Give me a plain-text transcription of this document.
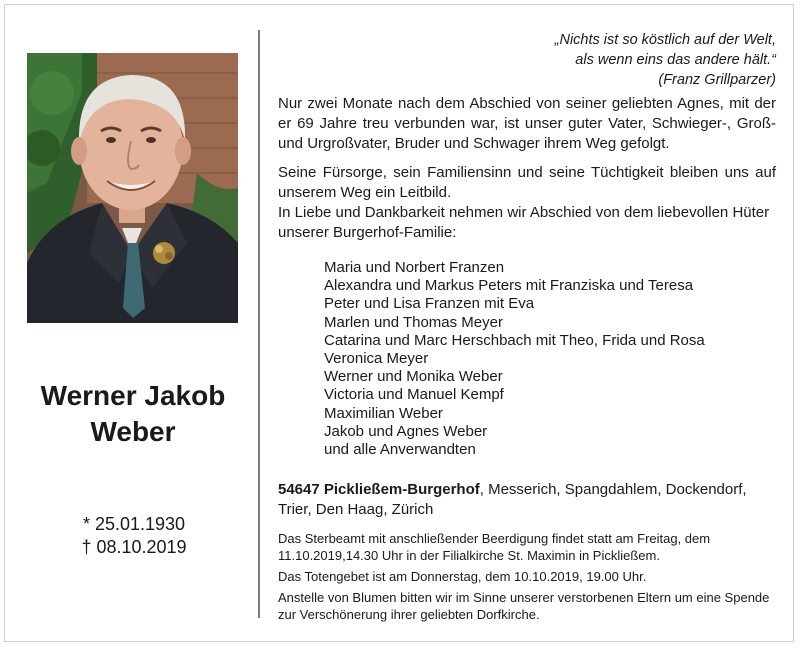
Werner Jakob
Weber
* 25.01.1930
† 08.10.2019
„Nichts ist so köstlich auf der Welt,
als wenn eins das andere hält.“
(Franz Grillparzer)

Nur zwei Monate nach dem Abschied von seiner geliebten Agnes, mit der er 69 Jahre treu verbunden war, ist unser guter Vater, Schwieger-, Groß- und Urgroßvater, Bruder und Schwager ihrem Weg gefolgt.

Seine Fürsorge, sein Familiensinn und seine Tüchtigkeit bleiben uns auf unserem Weg ein Leitbild.

In Liebe und Dankbarkeit nehmen wir Abschied von dem liebevollen Hüter unserer Burgerhof-Familie:

Maria und Norbert Franzen
Alexandra und Markus Peters mit Franziska und Teresa
Peter und Lisa Franzen mit Eva
Marlen und Thomas Meyer
Catarina und Marc Herschbach mit Theo, Frida und Rosa
Veronica Meyer
Werner und Monika Weber
Victoria und Manuel Kempf
Maximilian Weber
Jakob und Agnes Weber
und alle Anverwandten
54647 Pickließem-Burgerhof, Messerich, Spangdahlem, Dockendorf, Trier, Den Haag, Zürich

Das Sterbeamt mit anschließender Beerdigung findet statt am Freitag, dem 11.10.2019,14.30 Uhr in der Filialkirche St. Maximin in Pickließem.

Das Totengebet ist am Donnerstag, dem 10.10.2019, 19.00 Uhr.

Anstelle von Blumen bitten wir im Sinne unserer verstorbenen Eltern um eine Spende zur Verschönerung ihrer geliebten Dorfkirche.
